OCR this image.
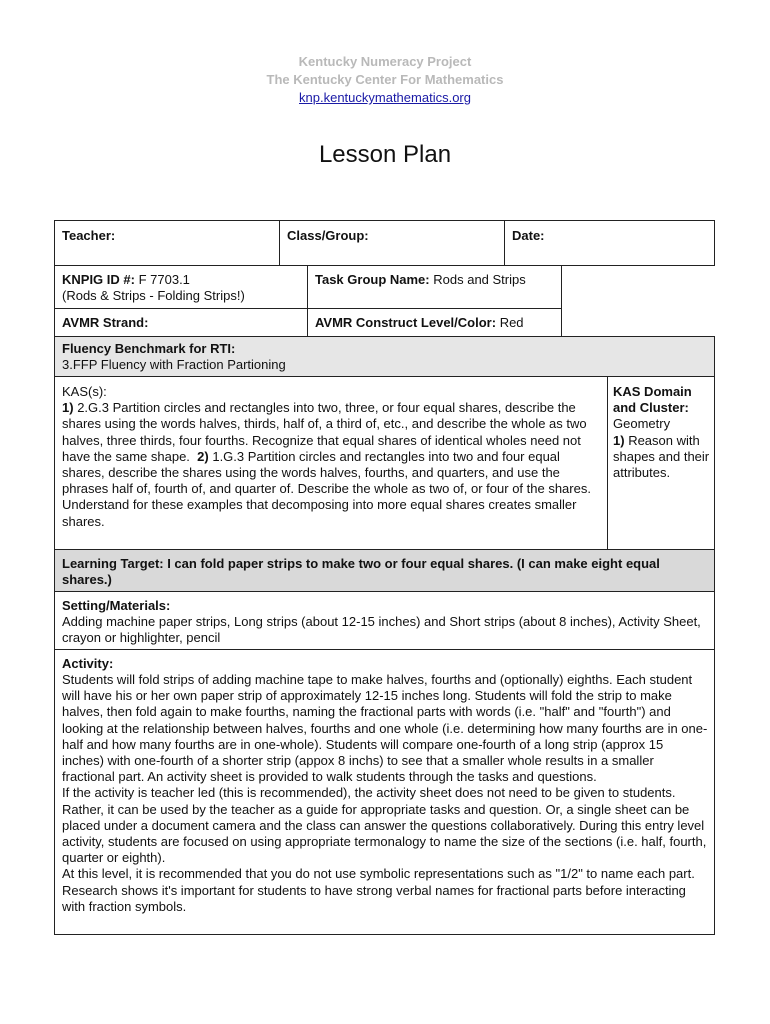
Kentucky Numeracy Project
The Kentucky Center For Mathematics
knp.kentuckymathematics.org
Lesson Plan
Teacher:	Class/Group:	Date:
KNPIG ID #: F 7703.1
(Rods & Strips - Folding Strips!)
Task Group Name: Rods and Strips
AVMR Strand:	AVMR Construct Level/Color: Red
Fluency Benchmark for RTI:
3.FFP Fluency with Fraction Partioning
KAS(s):
1) 2.G.3 Partition circles and rectangles into two, three, or four equal shares, describe the shares using the words halves, thirds, half of, a third of, etc., and describe the whole as two halves, three thirds, four fourths. Recognize that equal shares of identical wholes need not have the same shape. 2) 1.G.3 Partition circles and rectangles into two and four equal shares, describe the shares using the words halves, fourths, and quarters, and use the phrases half of, fourth of, and quarter of. Describe the whole as two of, or four of the shares. Understand for these examples that decomposing into more equal shares creates smaller shares.
KAS Domain and Cluster:
Geometry
1) Reason with shapes and their attributes.
Learning Target: I can fold paper strips to make two or four equal shares. (I can make eight equal shares.)
Setting/Materials:
Adding machine paper strips, Long strips (about 12-15 inches) and Short strips (about 8 inches), Activity Sheet, crayon or highlighter, pencil
Activity:
Students will fold strips of adding machine tape to make halves, fourths and (optionally) eighths. Each student will have his or her own paper strip of approximately 12-15 inches long. Students will fold the strip to make halves, then fold again to make fourths, naming the fractional parts with words (i.e. "half" and "fourth") and looking at the relationship between halves, fourths and one whole (i.e. determining how many fourths are in one-half and how many fourths are in one-whole). Students will compare one-fourth of a long strip (approx 15 inches) with one-fourth of a shorter strip (appox 8 inchs) to see that a smaller whole results in a smaller fractional part. An activity sheet is provided to walk students through the tasks and questions.
If the activity is teacher led (this is recommended), the activity sheet does not need to be given to students. Rather, it can be used by the teacher as a guide for appropriate tasks and question. Or, a single sheet can be placed under a document camera and the class can answer the questions collaboratively. During this entry level activity, students are focused on using appropriate termonalogy to name the size of the sections (i.e. half, fourth, quarter or eighth).
At this level, it is recommended that you do not use symbolic representations such as "1/2" to name each part. Research shows it's important for students to have strong verbal names for fractional parts before interacting with fraction symbols.
